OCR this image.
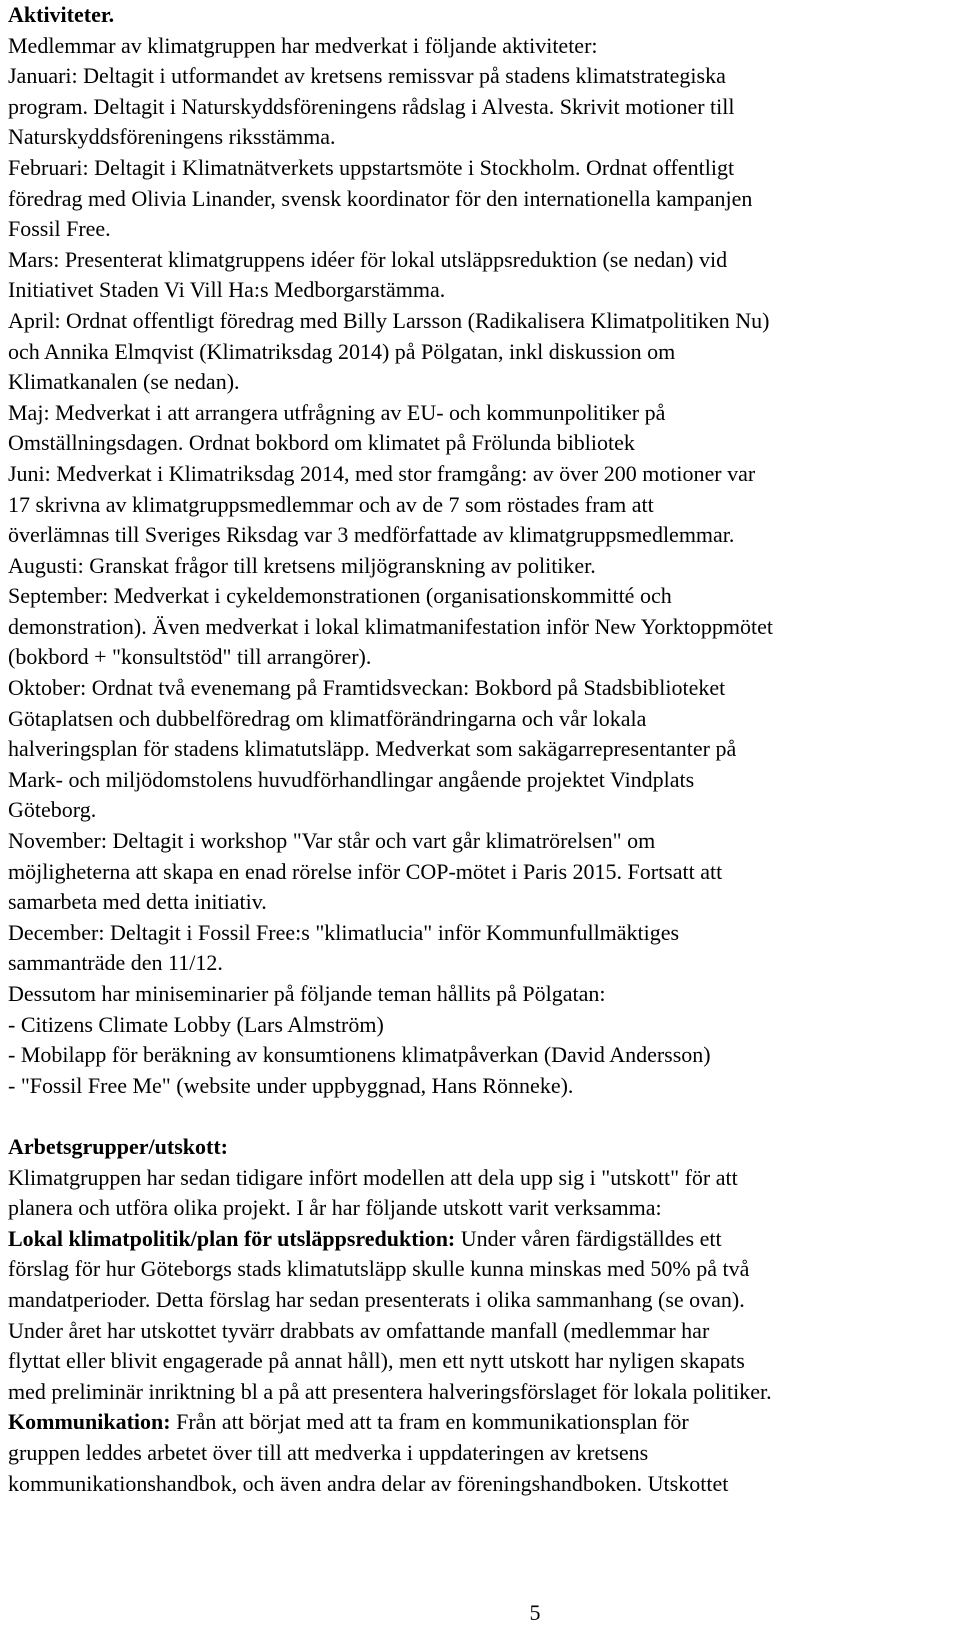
Aktiviteter.
Medlemmar av klimatgruppen har medverkat i följande aktiviteter:
Januari: Deltagit i utformandet av kretsens remissvar på stadens klimatstrategiska
program. Deltagit i Naturskyddsföreningens rådslag i Alvesta. Skrivit motioner till
Naturskyddsföreningens riksstämma.
Februari: Deltagit i Klimatnätverkets uppstartsmöte i Stockholm. Ordnat offentligt
föredrag med Olivia Linander, svensk koordinator för den internationella kampanjen
Fossil Free.
Mars: Presenterat klimatgruppens idéer för lokal utsläppsreduktion (se nedan) vid
Initiativet Staden Vi Vill Ha:s Medborgarstämma.
April: Ordnat offentligt föredrag med Billy Larsson (Radikalisera Klimatpolitiken Nu)
och Annika Elmqvist (Klimatriksdag 2014) på Pölgatan, inkl diskussion om
Klimatkanalen (se nedan).
Maj: Medverkat i att arrangera utfrågning av EU- och kommunpolitiker på
Omställningsdagen. Ordnat bokbord om klimatet på Frölunda bibliotek
Juni: Medverkat i Klimatriksdag 2014, med stor framgång: av över 200 motioner var
17 skrivna av klimatgruppsmedlemmar och av de 7 som röstades fram att
överlämnas till Sveriges Riksdag var 3 medförfattade av klimatgruppsmedlemmar.
Augusti: Granskat frågor till kretsens miljögranskning av politiker.
September: Medverkat i cykeldemonstrationen (organisationskommitté och
demonstration). Även medverkat i lokal klimatmanifestation inför New Yorktoppmötet
(bokbord + "konsultstöd" till arrangörer).
Oktober: Ordnat två evenemang på Framtidsveckan: Bokbord på Stadsbiblioteket
Götaplatsen och dubbelföredrag om klimatförändringarna och vår lokala
halveringsplan för stadens klimatutsläpp. Medverkat som sakägarrepresentanter på
Mark- och miljödomstolens huvudförhandlingar angående projektet Vindplats
Göteborg.
November: Deltagit i workshop "Var står och vart går klimatrörelsen" om
möjligheterna att skapa en enad rörelse inför COP-mötet i Paris 2015. Fortsatt att
samarbeta med detta initiativ.
December: Deltagit i Fossil Free:s "klimatlucia" inför Kommunfullmäktiges
sammanträde den 11/12.
Dessutom har miniseminarier på följande teman hållits på Pölgatan:
- Citizens Climate Lobby (Lars Almström)
- Mobilapp för beräkning av konsumtionens klimatpåverkan (David Andersson)
- "Fossil Free Me" (website under uppbyggnad, Hans Rönneke).
Arbetsgrupper/utskott:
Klimatgruppen har sedan tidigare infört modellen att dela upp sig i "utskott" för att
planera och utföra olika projekt. I år har följande utskott varit verksamma:
Lokal klimatpolitik/plan för utsläppsreduktion: Under våren färdigställdes ett
förslag för hur Göteborgs stads klimatutsläpp skulle kunna minskas med 50% på två
mandatperioder. Detta förslag har sedan presenterats i olika sammanhang (se ovan).
Under året har utskottet tyvärr drabbats av omfattande manfall (medlemmar har
flyttat eller blivit engagerade på annat håll), men ett nytt utskott har nyligen skapats
med preliminär inriktning bl a på att presentera halveringsförslaget för lokala politiker.
Kommunikation: Från att börjat med att ta fram en kommunikationsplan för
gruppen leddes arbetet över till att medverka i uppdateringen av kretsens
kommunikationshandbok, och även andra delar av föreningshandboken. Utskottet
5
